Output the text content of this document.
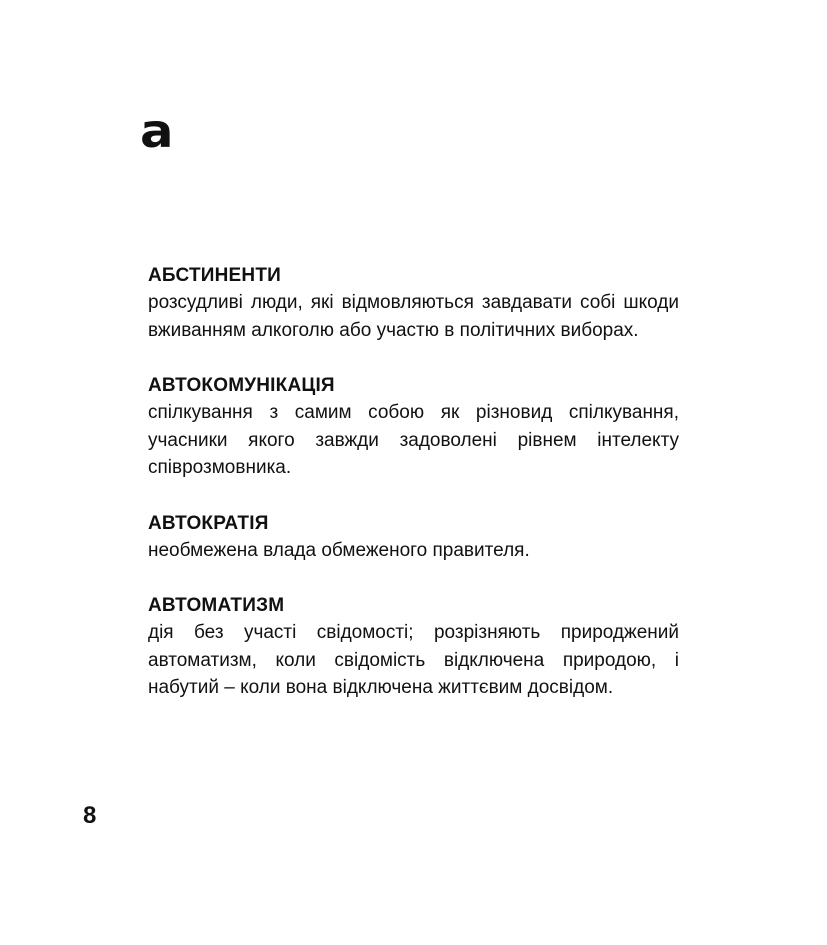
а
АБСТИНЕНТИ
розсудливі люди, які відмовляються завдавати собі шкоди вживанням алкоголю або участю в політичних виборах.
АВТОКОМУНІКАЦІЯ
спілкування з самим собою як різновид спілкування, учасники якого завжди задоволені рівнем інтелекту співрозмовника.
АВТОКРАТІЯ
необмежена влада обмеженого правителя.
АВТОМАТИЗМ
дія без участі свідомості; розрізняють природжений автоматизм, коли свідомість відключена природою, і набутий – коли вона відключена життєвим досвідом.
8
